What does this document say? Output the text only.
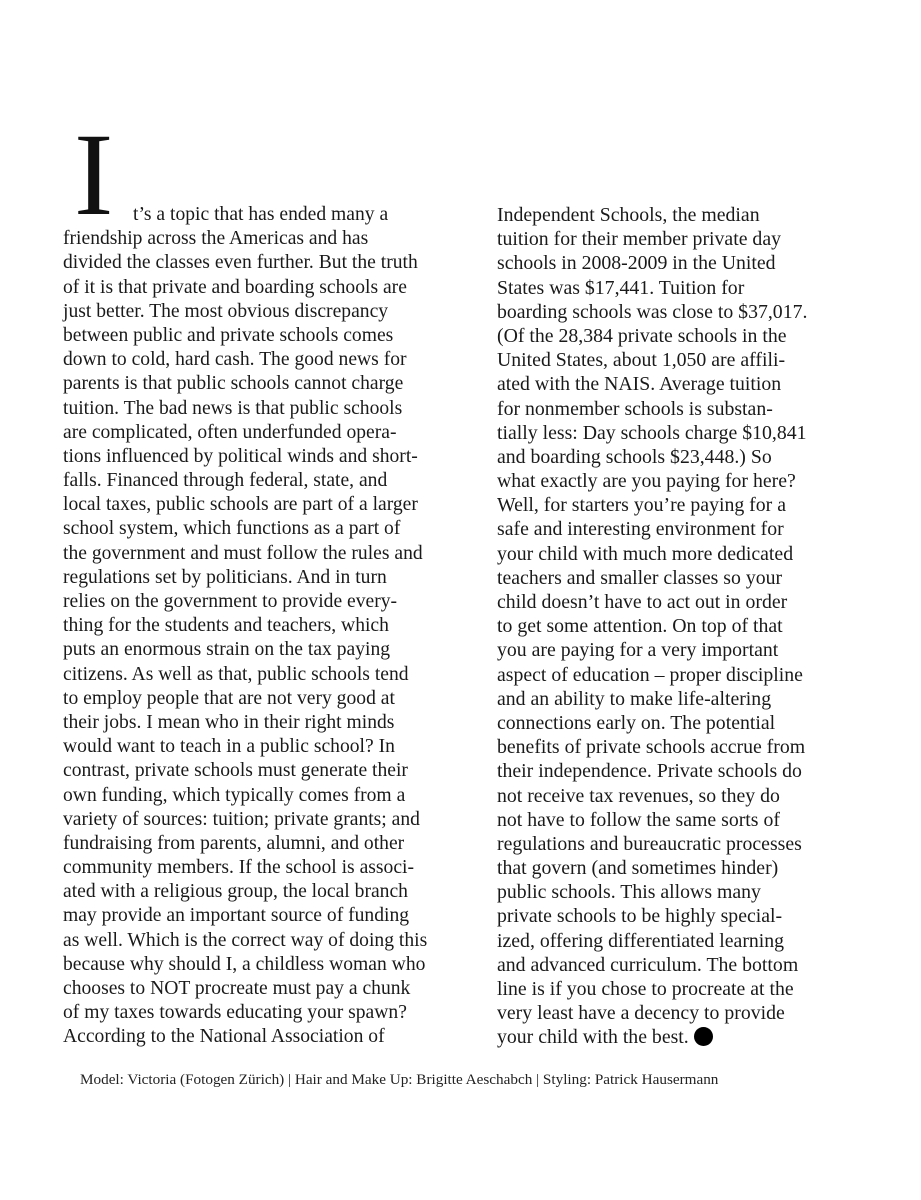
I	t’s a topic that has ended many a
friendship across the Americas and has
divided the classes even further. But the truth
of it is that private and boarding schools are
just better. The most obvious discrepancy
between public and private schools comes
down to cold, hard cash. The good news for
parents is that public schools cannot charge
tuition. The bad news is that public schools
are complicated, often underfunded opera-
tions influenced by political winds and short-
falls. Financed through federal, state, and
local taxes, public schools are part of a larger
school system, which functions as a part of
the government and must follow the rules and
regulations set by politicians. And in turn
relies on the government to provide every-
thing for the students and teachers, which
puts an enormous strain on the tax paying
citizens. As well as that, public schools tend
to employ people that are not very good at
their jobs. I mean who in their right minds
would want to teach in a public school? In
contrast, private schools must generate their
own funding, which typically comes from a
variety of sources: tuition; private grants; and
fundraising from parents, alumni, and other
community members. If the school is associ-
ated with a religious group, the local branch
may provide an important source of funding
as well. Which is the correct way of doing this
because why should I, a childless woman who
chooses to NOT procreate must pay a chunk
of my taxes towards educating your spawn?
According to the National Association of
Independent Schools, the median
tuition for their member private day
schools in 2008-2009 in the United
States was $17,441. Tuition for
boarding schools was close to $37,017.
(Of the 28,384 private schools in the
United States, about 1,050 are affili-
ated with the NAIS. Average tuition
for nonmember schools is substan-
tially less: Day schools charge $10,841
and boarding schools $23,448.) So
what exactly are you paying for here?
Well, for starters you’re paying for a
safe and interesting environment for
your child with much more dedicated
teachers and smaller classes so your
child doesn’t have to act out in order
to get some attention. On top of that
you are paying for a very important
aspect of education – proper discipline
and an ability to make life-altering
connections early on. The potential
benefits of private schools accrue from
their independence. Private schools do
not receive tax revenues, so they do
not have to follow the same sorts of
regulations and bureaucratic processes
that govern (and sometimes hinder)
public schools. This allows many
private schools to be highly special-
ized, offering differentiated learning
and advanced curriculum. The bottom
line is if you chose to procreate at the
very least have a decency to provide
your child with the best.
Model: Victoria (Fotogen Zürich) | Hair and Make Up: Brigitte Aeschabch | Styling: Patrick Hausermann
